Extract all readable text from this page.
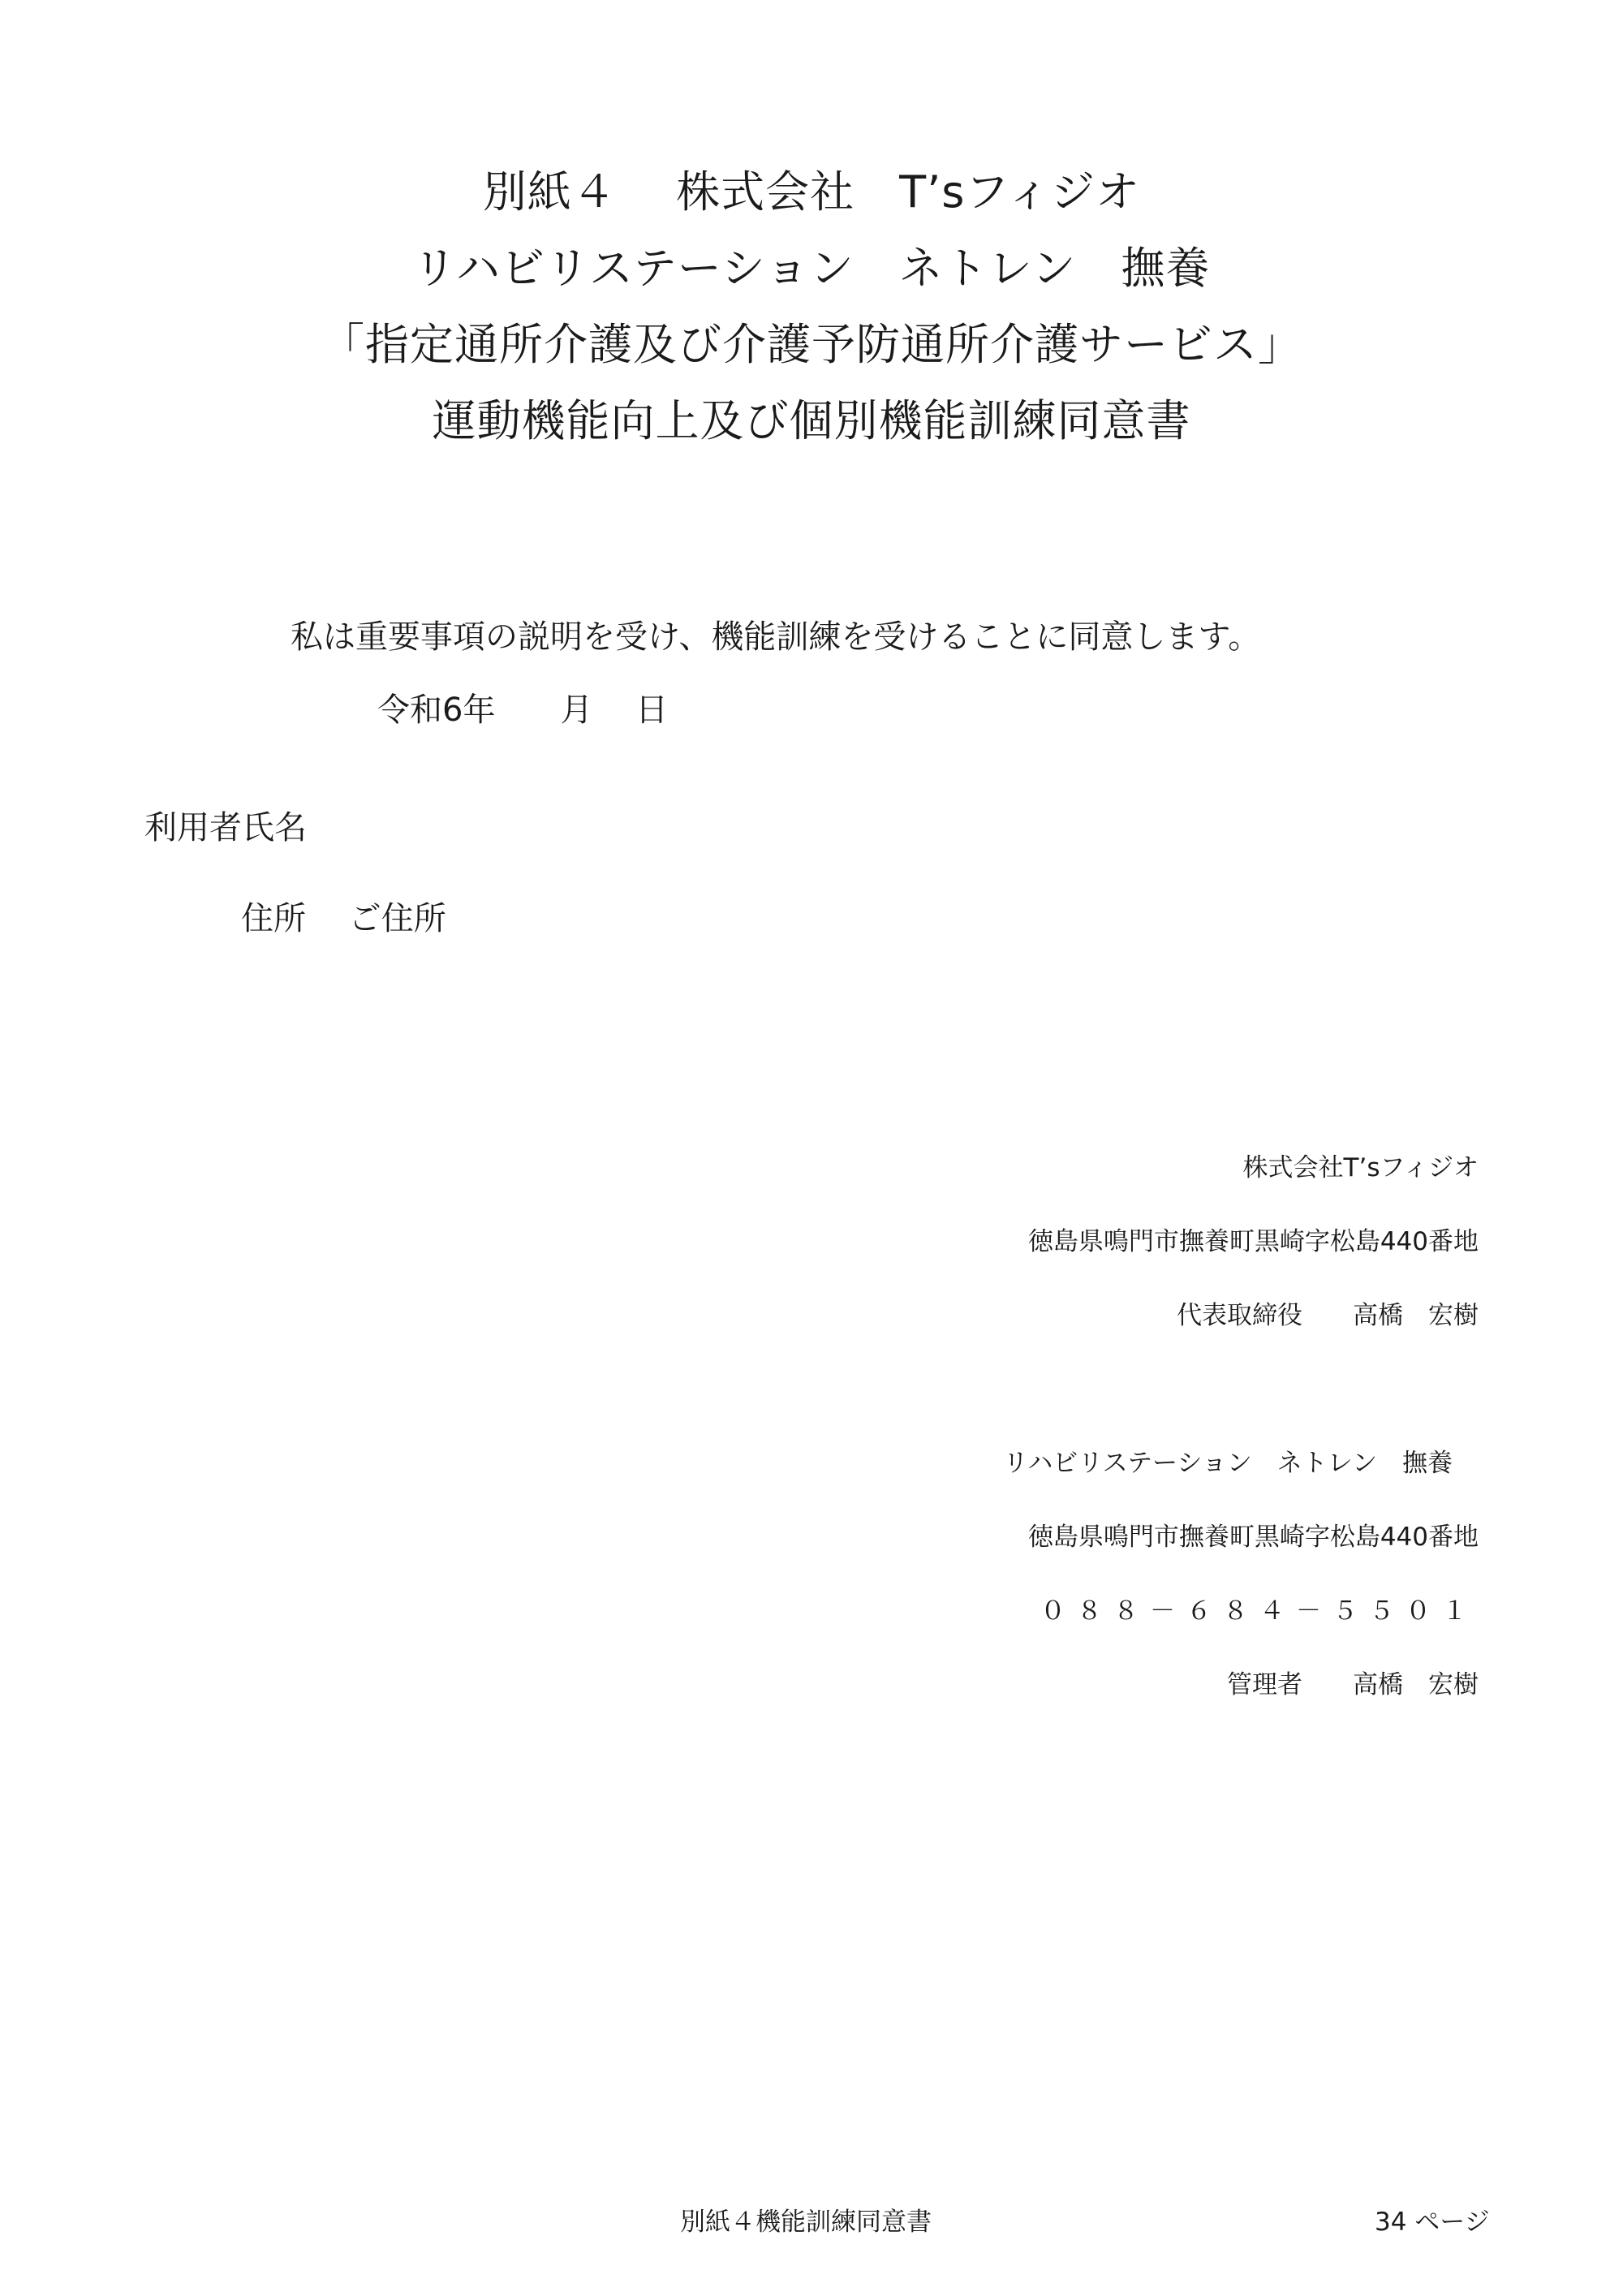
別紙４　 株式会社　T’sフィジオ
リハビリステーション　ネトレン　撫養
「指定通所介護及び介護予防通所介護サービス」
運動機能向上及び個別機能訓練同意書
私は重要事項の説明を受け、機能訓練を受けることに同意します。
令和6年　　月　 日
利用者氏名
住所　 ご住所
株式会社T’sフィジオ
徳島県鳴門市撫養町黒崎字松島440番地
代表取締役　　高橋　宏樹
リハビリステーション　ネトレン　撫養
徳島県鳴門市撫養町黒崎字松島440番地
０８８－６８４－５５０１
管理者　　高橋　宏樹
別紙４機能訓練同意書	34 ページ
